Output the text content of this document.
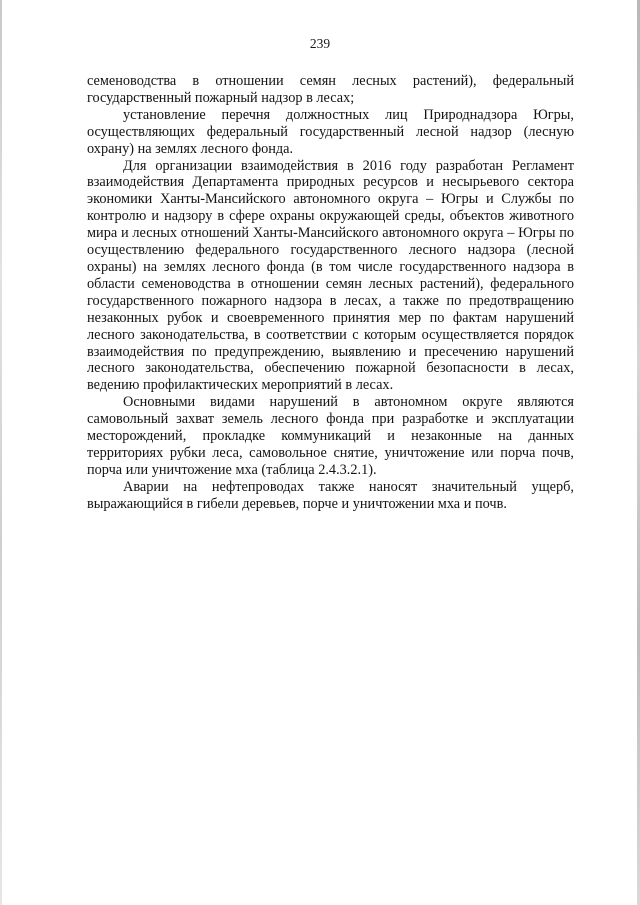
239

семеноводства в отношении семян лесных растений), федеральный государственный пожарный надзор в лесах;

установление перечня должностных лиц Природнадзора Югры, осуществляющих федеральный государственный лесной надзор (лесную охрану) на землях лесного фонда.

Для организации взаимодействия в 2016 году разработан Регламент взаимодействия Департамента природных ресурсов и несырьевого сектора экономики Ханты-Мансийского автономного округа – Югры и Службы по контролю и надзору в сфере охраны окружающей среды, объектов животного мира и лесных отношений Ханты-Мансийского автономного округа – Югры по осуществлению федерального государственного лесного надзора (лесной охраны) на землях лесного фонда (в том числе государственного надзора в области семеноводства в отношении семян лесных растений), федерального государственного пожарного надзора в лесах, а также по предотвращению незаконных рубок и своевременного принятия мер по фактам нарушений лесного законодательства, в соответствии с которым осуществляется порядок взаимодействия по предупреждению, выявлению и пресечению нарушений лесного законодательства, обеспечению пожарной безопасности в лесах, ведению профилактических мероприятий в лесах.

Основными видами нарушений в автономном округе являются самовольный захват земель лесного фонда при разработке и эксплуатации месторождений, прокладке коммуникаций и незаконные на данных территориях рубки леса, самовольное снятие, уничтожение или порча почв, порча или уничтожение мха (таблица 2.4.3.2.1).

Аварии на нефтепроводах также наносят значительный ущерб, выражающийся в гибели деревьев, порче и уничтожении мха и почв.
